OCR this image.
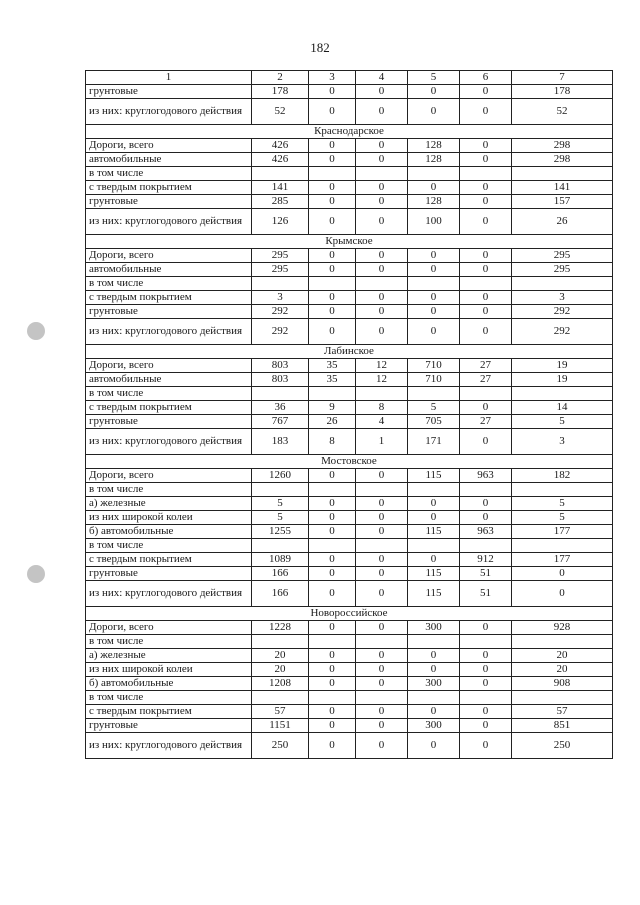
182
1	2	3	4	5	6	7
грунтовые	178	0	0	0	0	178
из них: круглогодового действия	52	0	0	0	0	52
Краснодарское						
Дороги, всего	426	0	0	128	0	298
автомобильные	426	0	0	128	0	298
в том числе						
с твердым покрытием	141	0	0	0	0	141
грунтовые	285	0	0	128	0	157
из них: круглогодового действия	126	0	0	100	0	26
Крымское						
Дороги, всего	295	0	0	0	0	295
автомобильные	295	0	0	0	0	295
в том числе						
с твердым покрытием	3	0	0	0	0	3
грунтовые	292	0	0	0	0	292
из них: круглогодового действия	292	0	0	0	0	292
Лабинское						
Дороги, всего	803	35	12	710	27	19
автомобильные	803	35	12	710	27	19
в том числе						
с твердым покрытием	36	9	8	5	0	14
грунтовые	767	26	4	705	27	5
из них: круглогодового действия	183	8	1	171	0	3
Мостовское						
Дороги, всего	1260	0	0	115	963	182
в том числе						
а) железные	5	0	0	0	0	5
из них широкой колеи	5	0	0	0	0	5
б) автомобильные	1255	0	0	115	963	177
в том числе						
с твердым покрытием	1089	0	0	0	912	177
грунтовые	166	0	0	115	51	0
из них: круглогодового действия	166	0	0	115	51	0
Новороссийское						
Дороги, всего	1228	0	0	300	0	928
в том числе						
а) железные	20	0	0	0	0	20
из них широкой колеи	20	0	0	0	0	20
б) автомобильные	1208	0	0	300	0	908
в том числе						
с твердым покрытием	57	0	0	0	0	57
грунтовые	1151	0	0	300	0	851
из них: круглогодового действия	250	0	0	0	0	250
